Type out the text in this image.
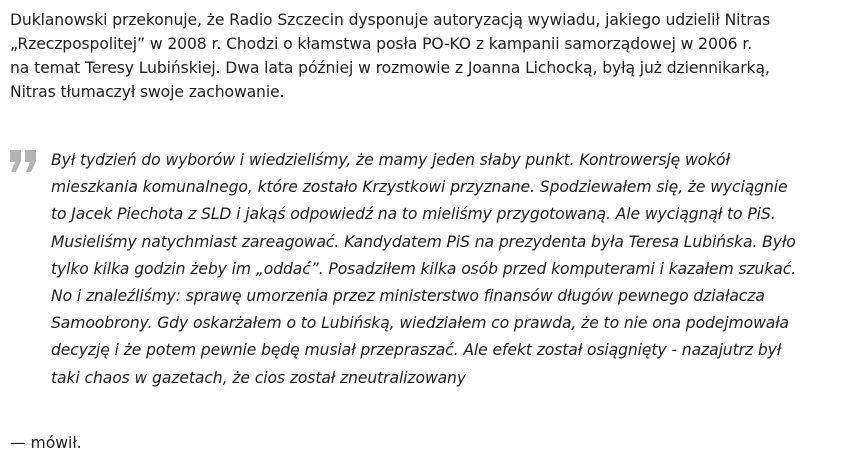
Duklanowski przekonuje, że Radio Szczecin dysponuje autoryzacją wywiadu, jakiego udzielił Nitras
„Rzeczpospolitej” w 2008 r. Chodzi o kłamstwa posła PO-KO z kampanii samorządowej w 2006 r.
na temat Teresy Lubińskiej. Dwa lata później w rozmowie z Joanna Lichocką, byłą już dziennikarką,
Nitras tłumaczył swoje zachowanie.
Był tydzień do wyborów i wiedzieliśmy, że mamy jeden słaby punkt. Kontrowersję wokół
mieszkania komunalnego, które zostało Krzystkowi przyznane. Spodziewałem się, że wyciągnie
to Jacek Piechota z SLD i jakąś odpowiedź na to mieliśmy przygotowaną. Ale wyciągnął to PiS.
Musieliśmy natychmiast zareagować. Kandydatem PiS na prezydenta była Teresa Lubińska. Było
tylko kilka godzin żeby im „oddać”. Posadziłem kilka osób przed komputerami i kazałem szukać.
No i znaleźliśmy: sprawę umorzenia przez ministerstwo finansów długów pewnego działacza
Samoobrony. Gdy oskarżałem o to Lubińską, wiedziałem co prawda, że to nie ona podejmowała
decyzję i że potem pewnie będę musiał przepraszać. Ale efekt został osiągnięty - nazajutrz był
taki chaos w gazetach, że cios został zneutralizowany
— mówił.
